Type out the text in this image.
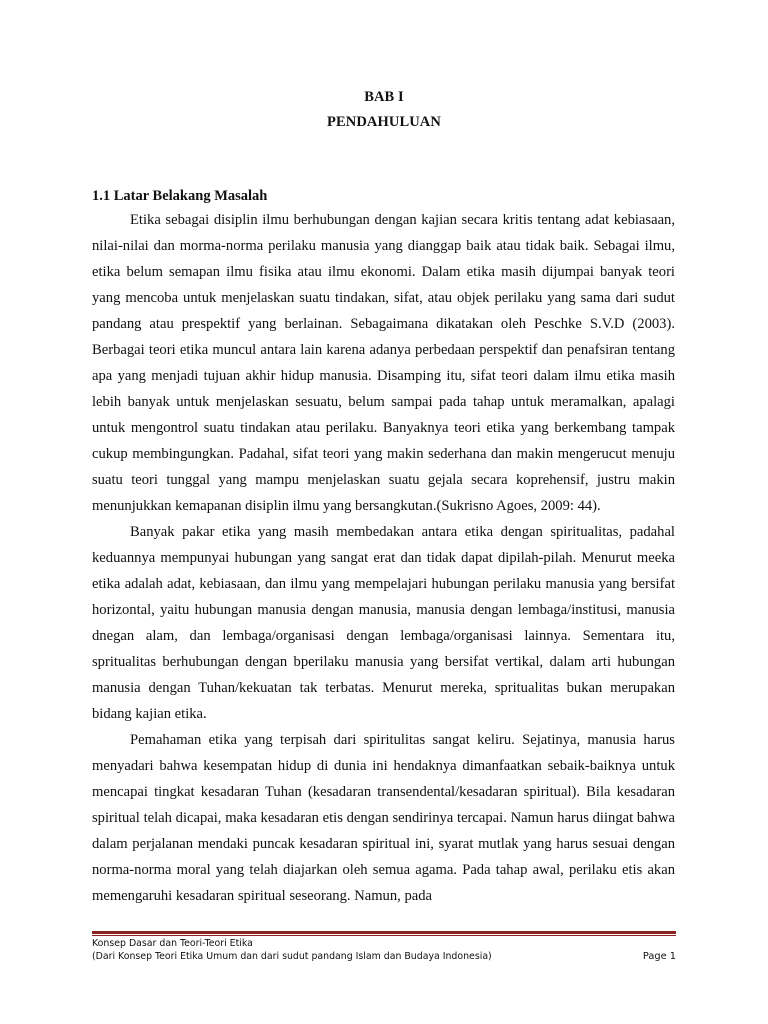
BAB I
PENDAHULUAN
1.1 Latar Belakang Masalah

Etika sebagai disiplin ilmu berhubungan dengan kajian secara kritis tentang adat kebiasaan, nilai-nilai dan morma-norma perilaku manusia yang dianggap baik atau tidak baik. Sebagai ilmu, etika belum semapan ilmu fisika atau ilmu ekonomi. Dalam etika masih dijumpai banyak teori yang mencoba untuk menjelaskan suatu tindakan, sifat, atau objek perilaku yang sama dari sudut pandang atau prespektif yang berlainan. Sebagaimana dikatakan oleh Peschke S.V.D (2003). Berbagai teori etika muncul antara lain karena adanya perbedaan perspektif dan penafsiran tentang apa yang menjadi tujuan akhir hidup manusia. Disamping itu, sifat teori dalam ilmu etika masih lebih banyak untuk menjelaskan sesuatu, belum sampai pada tahap untuk meramalkan, apalagi untuk mengontrol suatu tindakan atau perilaku. Banyaknya teori etika yang berkembang tampak cukup membingungkan. Padahal, sifat teori yang makin sederhana dan makin mengerucut menuju suatu teori tunggal yang mampu menjelaskan suatu gejala secara koprehensif, justru makin menunjukkan kemapanan disiplin ilmu yang bersangkutan.(Sukrisno Agoes, 2009: 44).

Banyak pakar etika yang masih membedakan antara etika dengan spiritualitas, padahal keduannya mempunyai hubungan yang sangat erat dan tidak dapat dipilah-pilah. Menurut meeka etika adalah adat, kebiasaan, dan ilmu yang mempelajari hubungan perilaku manusia yang bersifat horizontal, yaitu hubungan manusia dengan manusia, manusia dengan lembaga/institusi, manusia dnegan alam, dan lembaga/organisasi dengan lembaga/organisasi lainnya. Sementara itu, spritualitas berhubungan dengan bperilaku manusia yang bersifat vertikal, dalam arti hubungan manusia dengan Tuhan/kekuatan tak terbatas. Menurut mereka, spritualitas bukan merupakan bidang kajian etika.

Pemahaman etika yang terpisah dari spiritulitas sangat keliru. Sejatinya, manusia harus menyadari bahwa kesempatan hidup di dunia ini hendaknya dimanfaatkan sebaik-baiknya untuk mencapai tingkat kesadaran Tuhan (kesadaran transendental/kesadaran spiritual). Bila kesadaran spiritual telah dicapai, maka kesadaran etis dengan sendirinya tercapai. Namun harus diingat bahwa dalam perjalanan mendaki puncak kesadaran spiritual ini, syarat mutlak yang harus sesuai dengan norma-norma moral yang telah diajarkan oleh semua agama. Pada tahap awal, perilaku etis akan memengaruhi kesadaran spiritual seseorang. Namun, pada

Konsep Dasar dan Teori-Teori Etika
(Dari Konsep Teori Etika Umum dan dari sudut pandang Islam dan Budaya Indonesia)	Page 1
